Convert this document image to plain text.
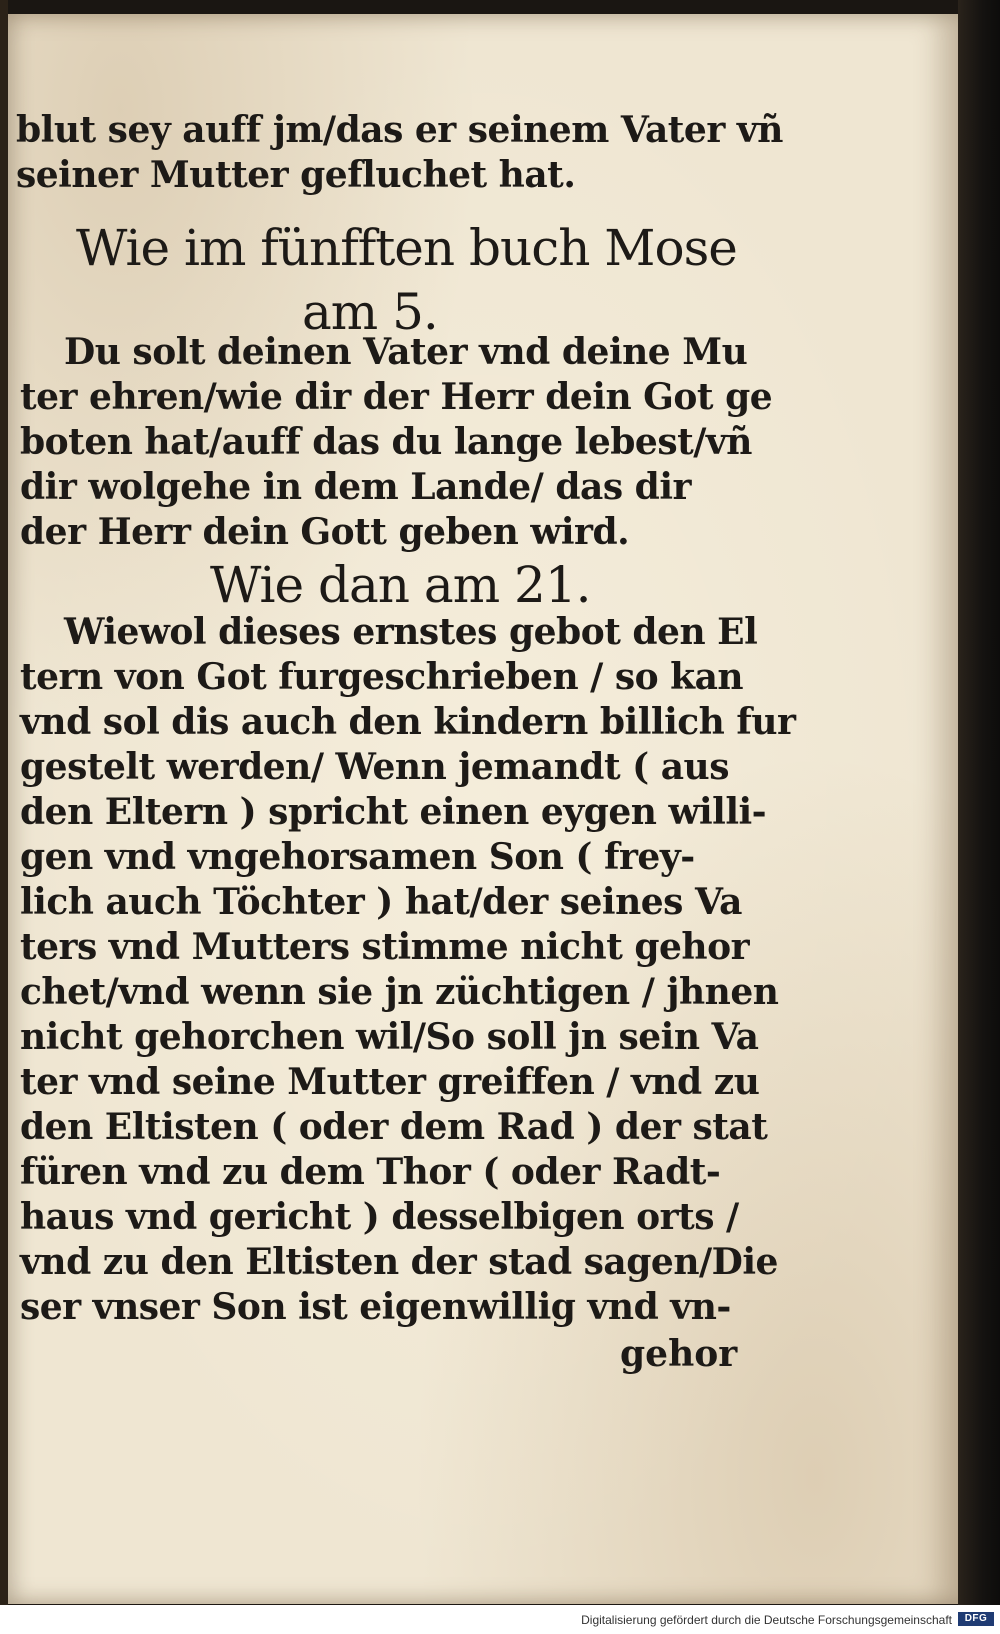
blut sey auff jm/das er seinem Vater vñ
seiner Mutter gefluchet hat.
Wie im fünfften buch Mose
am 5.
Du solt deinen Vater vnd deine Mu
ter ehren/wie dir der Herr dein Got ge
boten hat/auff das du lange lebest/vñ
dir wolgehe in dem Lande/ das dir
der Herr dein Gott geben wird.
Wie dan am 21.
Wiewol dieses ernstes gebot den El
tern von Got furgeschrieben / so kan
vnd sol dis auch den kindern billich fur
gestelt werden/ Wenn jemandt ( aus
den Eltern ) spricht einen eygen willi-
gen vnd vngehorsamen Son ( frey-
lich auch Töchter ) hat/der seines Va
ters vnd Mutters stimme nicht gehor
chet/vnd wenn sie jn züchtigen / jhnen
nicht gehorchen wil/So soll jn sein Va
ter vnd seine Mutter greiffen / vnd zu
den Eltisten ( oder dem Rad ) der stat
füren vnd zu dem Thor ( oder Radt-
haus vnd gericht ) desselbigen orts /
vnd zu den Eltisten der stad sagen/Die
ser vnser Son ist eigenwillig vnd vn-
gehor
Digitalisierung gefördert durch die Deutsche Forschungsgemeinschaft	DFG
